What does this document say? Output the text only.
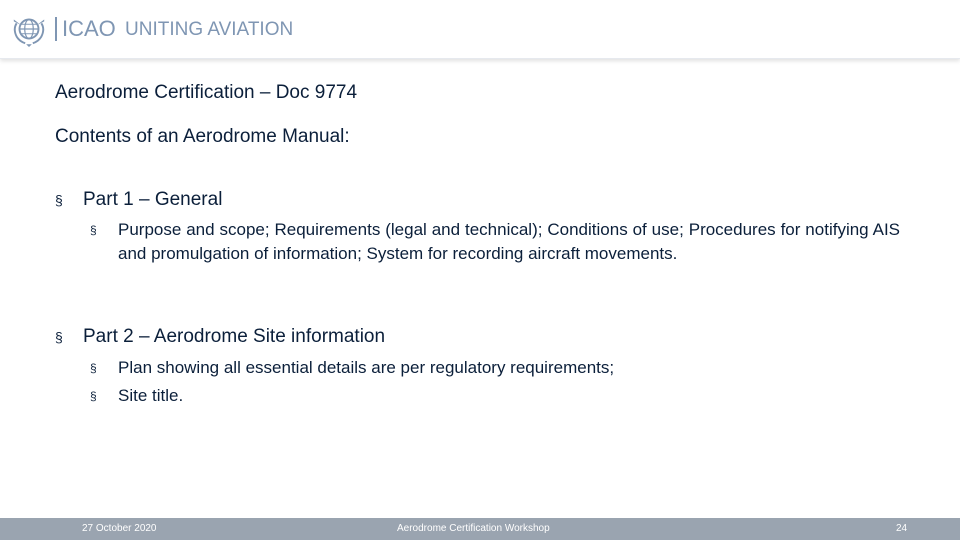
ICAO UNITING AVIATION
Aerodrome Certification – Doc 9774
Contents of an Aerodrome Manual:
§ Part 1 – General
§ Purpose and scope; Requirements (legal and technical); Conditions of use; Procedures for notifying AIS and promulgation of information; System for recording aircraft movements.
§ Part 2 – Aerodrome Site information
§ Plan showing all essential details are per regulatory requirements;
§ Site title.
27 October 2020	Aerodrome Certification Workshop	24
